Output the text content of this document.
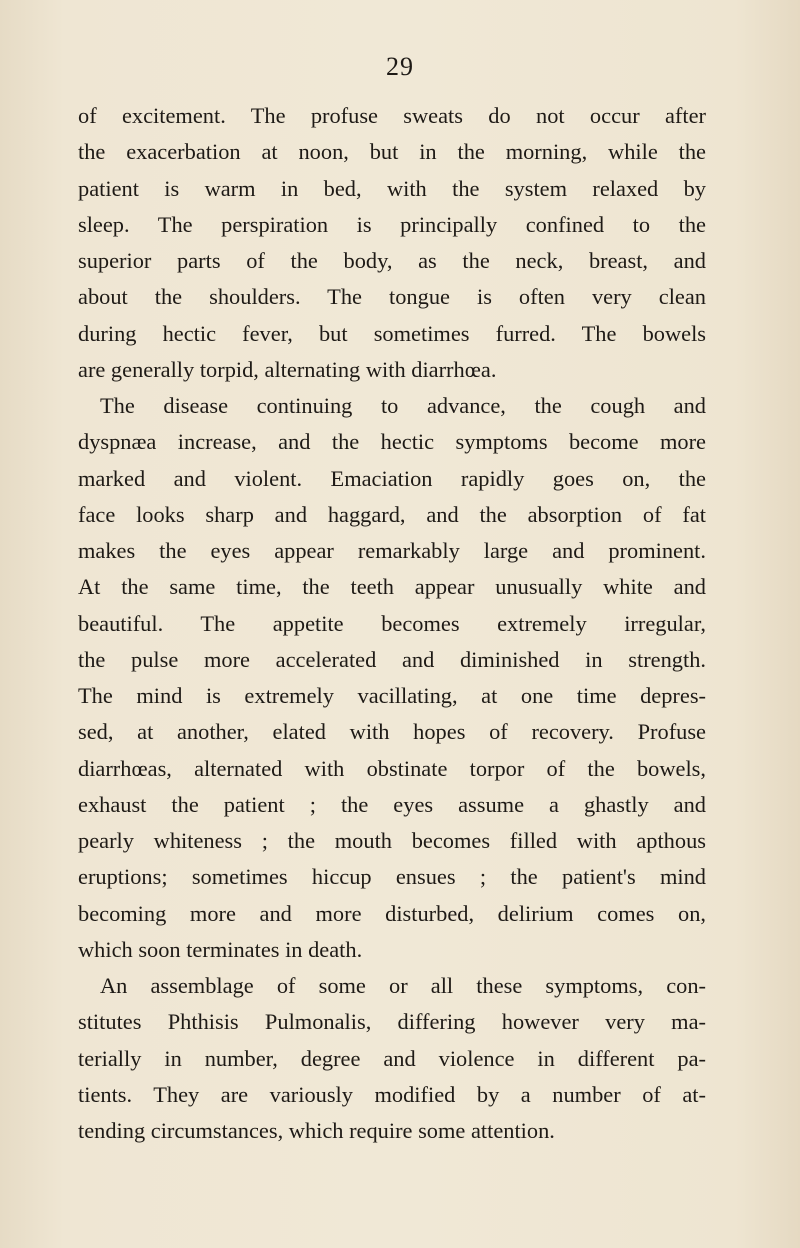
29

of excitement. The profuse sweats do not occur after
the exacerbation at noon, but in the morning, while the
patient is warm in bed, with the system relaxed by
sleep. The perspiration is principally confined to the
superior parts of the body, as the neck, breast, and
about the shoulders. The tongue is often very clean
during hectic fever, but sometimes furred. The bowels
are generally torpid, alternating with diarrhœa.

The disease continuing to advance, the cough and
dyspnæa increase, and the hectic symptoms become more
marked and violent. Emaciation rapidly goes on, the
face looks sharp and haggard, and the absorption of fat
makes the eyes appear remarkably large and prominent.
At the same time, the teeth appear unusually white and
beautiful. The appetite becomes extremely irregular,
the pulse more accelerated and diminished in strength.
The mind is extremely vacillating, at one time depres-
sed, at another, elated with hopes of recovery. Profuse
diarrhœas, alternated with obstinate torpor of the bowels,
exhaust the patient ; the eyes assume a ghastly and
pearly whiteness ; the mouth becomes filled with apthous
eruptions; sometimes hiccup ensues ; the patient's mind
becoming more and more disturbed, delirium comes on,
which soon terminates in death.

An assemblage of some or all these symptoms, con-
stitutes Phthisis Pulmonalis, differing however very ma-
terially in number, degree and violence in different pa-
tients. They are variously modified by a number of at-
tending circumstances, which require some attention.
